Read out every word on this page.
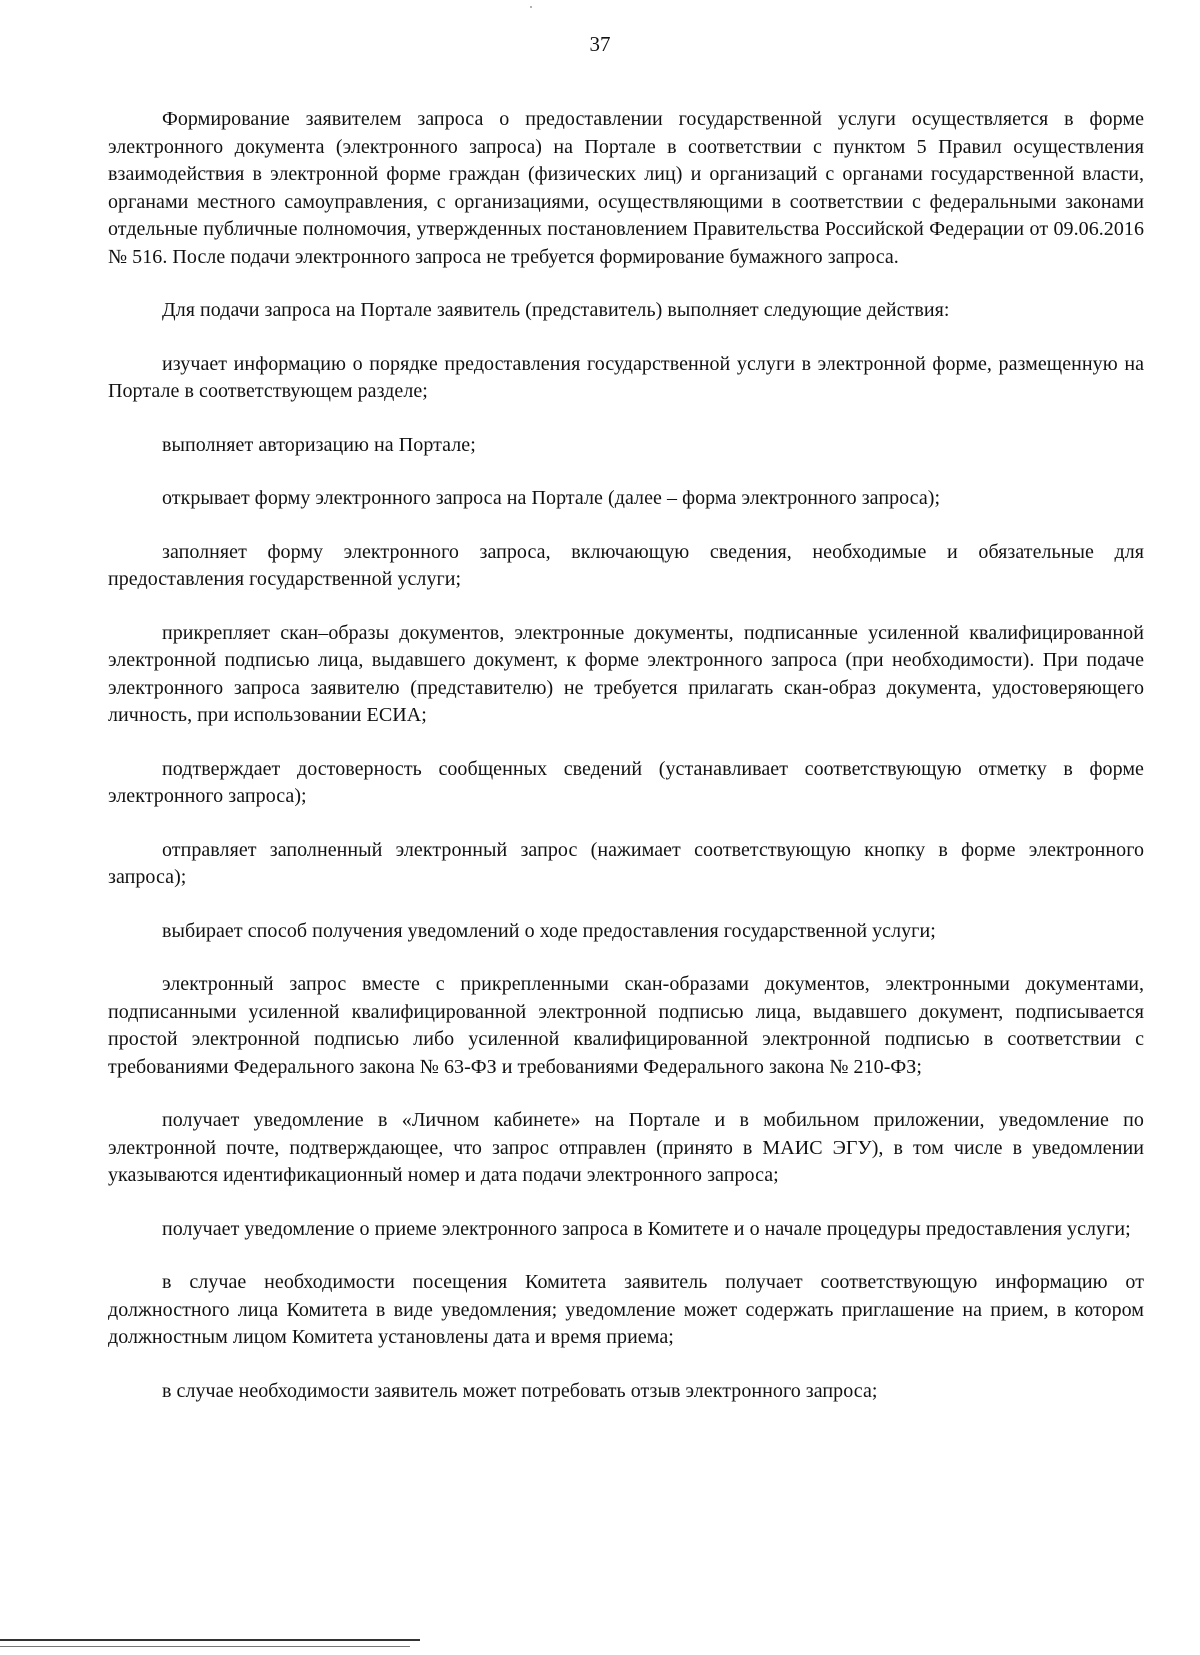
37

Формирование заявителем запроса о предоставлении государственной услуги осуществляется в форме электронного документа (электронного запроса) на Портале в соответствии с пунктом 5 Правил осуществления взаимодействия в электронной форме граждан (физических лиц) и организаций с органами государственной власти, органами местного самоуправления, с организациями, осуществляющими в соответствии с федеральными законами отдельные публичные полномочия, утвержденных постановлением Правительства Российской Федерации от 09.06.2016 № 516. После подачи электронного запроса не требуется формирование бумажного запроса.

Для подачи запроса на Портале заявитель (представитель) выполняет следующие действия:

изучает информацию о порядке предоставления государственной услуги в электронной форме, размещенную на Портале в соответствующем разделе;

выполняет авторизацию на Портале;

открывает форму электронного запроса на Портале (далее – форма электронного запроса);

заполняет форму электронного запроса, включающую сведения, необходимые и обязательные для предоставления государственной услуги;

прикрепляет скан–образы документов, электронные документы, подписанные усиленной квалифицированной электронной подписью лица, выдавшего документ, к форме электронного запроса (при необходимости). При подаче электронного запроса заявителю (представителю) не требуется прилагать скан-образ документа, удостоверяющего личность, при использовании ЕСИА;

подтверждает достоверность сообщенных сведений (устанавливает соответствующую отметку в форме электронного запроса);

отправляет заполненный электронный запрос (нажимает соответствующую кнопку в форме электронного запроса);

выбирает способ получения уведомлений о ходе предоставления государственной услуги;

электронный запрос вместе с прикрепленными скан-образами документов, электронными документами, подписанными усиленной квалифицированной электронной подписью лица, выдавшего документ, подписывается простой электронной подписью либо усиленной квалифицированной электронной подписью в соответствии с требованиями Федерального закона № 63-ФЗ и требованиями Федерального закона № 210-ФЗ;

получает уведомление в «Личном кабинете» на Портале и в мобильном приложении, уведомление по электронной почте, подтверждающее, что запрос отправлен (принято в МАИС ЭГУ), в том числе в уведомлении указываются идентификационный номер и дата подачи электронного запроса;

получает уведомление о приеме электронного запроса в Комитете и о начале процедуры предоставления услуги;

в случае необходимости посещения Комитета заявитель получает соответствующую информацию от должностного лица Комитета в виде уведомления; уведомление может содержать приглашение на прием, в котором должностным лицом Комитета установлены дата и время приема;

в случае необходимости заявитель может потребовать отзыв электронного запроса;
